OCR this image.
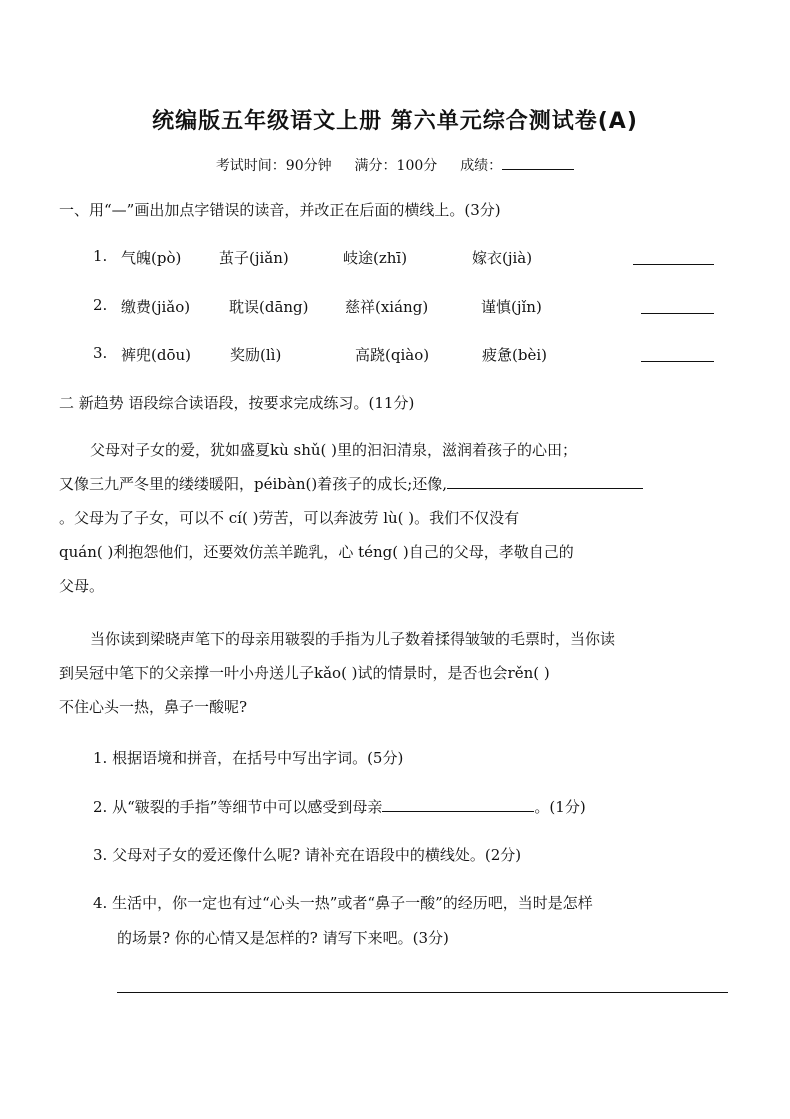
统编版五年级语文上册 第六单元综合测试卷(A)
考试时间：90分钟 满分：100分 成绩：
一、用“—”画出加点字错误的读音，并改正在后面的横线上。(3分)
1. 气魄(pò)	茧子(jiǎn)	岐途(zhī)	嫁衣(jià)
2. 缴费(jiǎo)	耽误(dāng) 慈祥(xiáng)	谨慎(jǐn)
3. 裤兜(dōu)	奖励(lì)	高跷(qiào)	疲惫(bèi)
二 新趋势 语段综合读语段，按要求完成练习。(11分)
父母对子女的爱，犹如盛夏kù shǔ( )里的汩汩清泉，滋润着孩子的心田；
又像三九严冬里的缕缕暖阳，péibàn()着孩子的成长;还像,
。父母为了子女，可以不 cí( )劳苦，可以奔波劳 lù( )。我们不仅没有
quán( )利抱怨他们，还要效仿羔羊跪乳，心 téng( )自己的父母，孝敬自己的
父母。
当你读到梁晓声笔下的母亲用皲裂的手指为儿子数着揉得皱皱的毛票时，当你读
到吴冠中笔下的父亲撑一叶小舟送儿子kǎo( )试的情景时，是否也会rěn( )
不住心头一热，鼻子一酸呢?
1. 根据语境和拼音，在括号中写出字词。(5分)
2. 从“皲裂的手指”等细节中可以感受到母亲	。(1分)
3. 父母对子女的爱还像什么呢? 请补充在语段中的横线处。(2分)
4. 生活中，你一定也有过“心头一热”或者“鼻子一酸”的经历吧，当时是怎样
的场景? 你的心情又是怎样的? 请写下来吧。(3分)
